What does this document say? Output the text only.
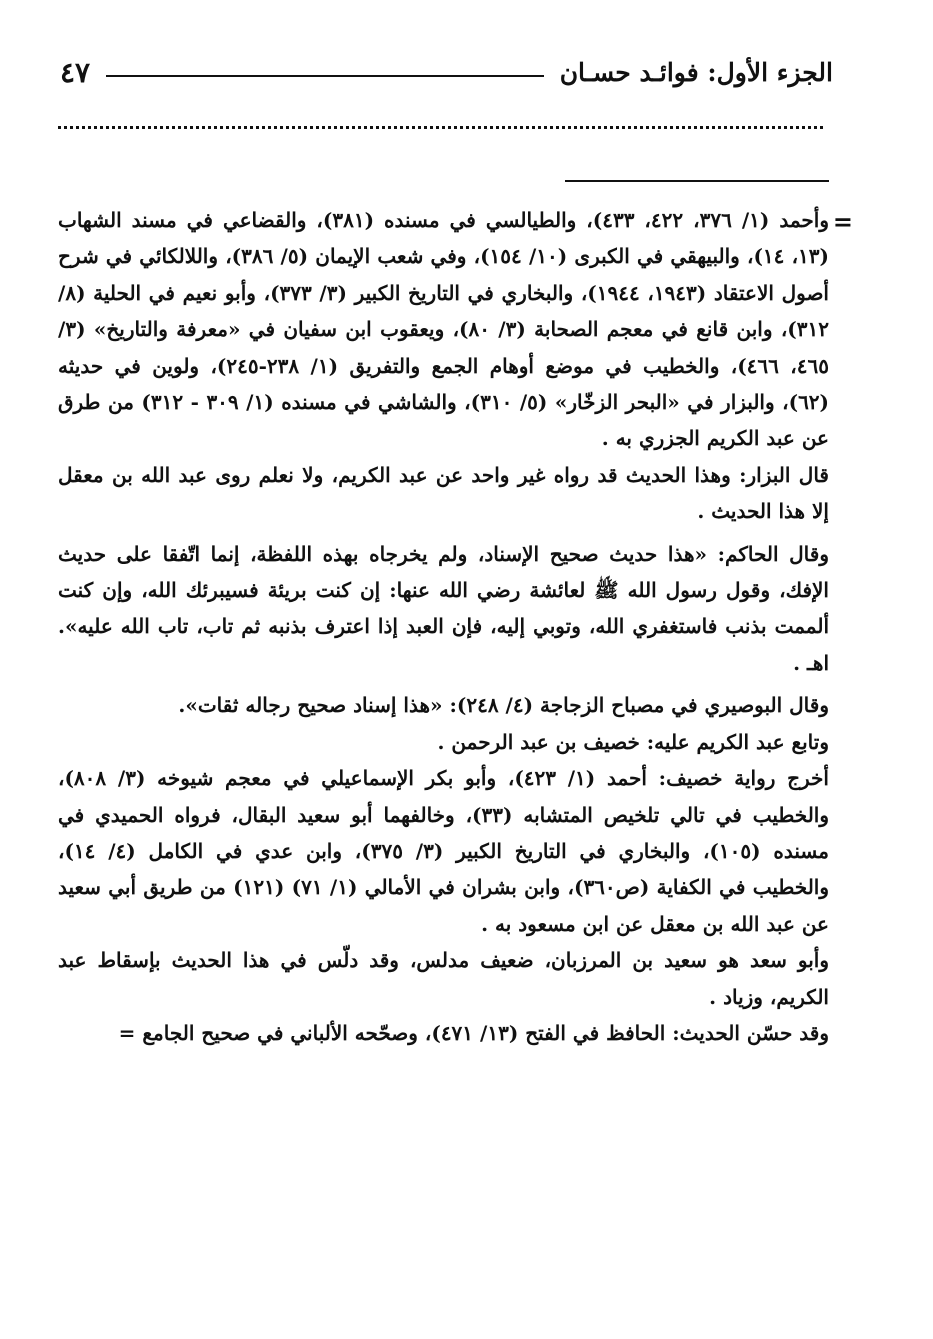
الجزء الأول: فوائـد حسـان
٤٧
=

وأحمد (١/ ٣٧٦، ٤٢٢، ٤٣٣)، والطيالسي في مسنده (٣٨١)، والقضاعي في مسند الشهاب (١٣، ١٤)، والبيهقي في الكبرى (١٠/ ١٥٤)، وفي شعب الإيمان (٥/ ٣٨٦)، واللالكائي في شرح أصول الاعتقاد (١٩٤٣، ١٩٤٤)، والبخاري في التاريخ الكبير (٣/ ٣٧٣)، وأبو نعيم في الحلية (٨/ ٣١٢)، وابن قانع في معجم الصحابة (٣/ ٨٠)، ويعقوب ابن سفيان في «معرفة والتاريخ» (٣/ ٤٦٥، ٤٦٦)، والخطيب في موضع أوهام الجمع والتفريق (١/ ٢٣٨-٢٤٥)، ولوين في حديثه (٦٢)، والبزار في «البحر الزخّار» (٥/ ٣١٠)، والشاشي في مسنده (١/ ٣٠٩ - ٣١٢) من طرق عن عبد الكريم الجزري به .

قال البزار: وهذا الحديث قد رواه غير واحد عن عبد الكريم، ولا نعلم روى عبد الله بن معقل إلا هذا الحديث .

وقال الحاكم: «هذا حديث صحيح الإسناد، ولم يخرجاه بهذه اللفظة، إنما اتّفقا على حديث الإفك، وقول رسول الله ﷺ لعائشة رضي الله عنها: إن كنت بريئة فسيبرئك الله، وإن كنت ألممت بذنب فاستغفري الله، وتوبي إليه، فإن العبد إذا اعترف بذنبه ثم تاب، تاب الله عليه». اهـ .

وقال البوصيري في مصباح الزجاجة (٤/ ٢٤٨): «هذا إسناد صحيح رجاله ثقات».

وتابع عبد الكريم عليه: خصيف بن عبد الرحمن .

أخرج رواية خصيف: أحمد (١/ ٤٢٣)، وأبو بكر الإسماعيلي في معجم شيوخه (٣/ ٨٠٨)، والخطيب في تالي تلخيص المتشابه (٣٣)، وخالفهما أبو سعيد البقال، فرواه الحميدي في مسنده (١٠٥)، والبخاري في التاريخ الكبير (٣/ ٣٧٥)، وابن عدي في الكامل (٤/ ١٤)، والخطيب في الكفاية (ص٣٦٠)، وابن بشران في الأمالي (١/ ٧١) (١٢١) من طريق أبي سعيد عن عبد الله بن معقل عن ابن مسعود به .

وأبو سعد هو سعيد بن المرزبان، ضعيف مدلس، وقد دلّس في هذا الحديث بإسقاط عبد الكريم، وزياد .

وقد حسّن الحديث: الحافظ في الفتح (١٣/ ٤٧١)، وصحّحه الألباني في صحيح الجامع =
